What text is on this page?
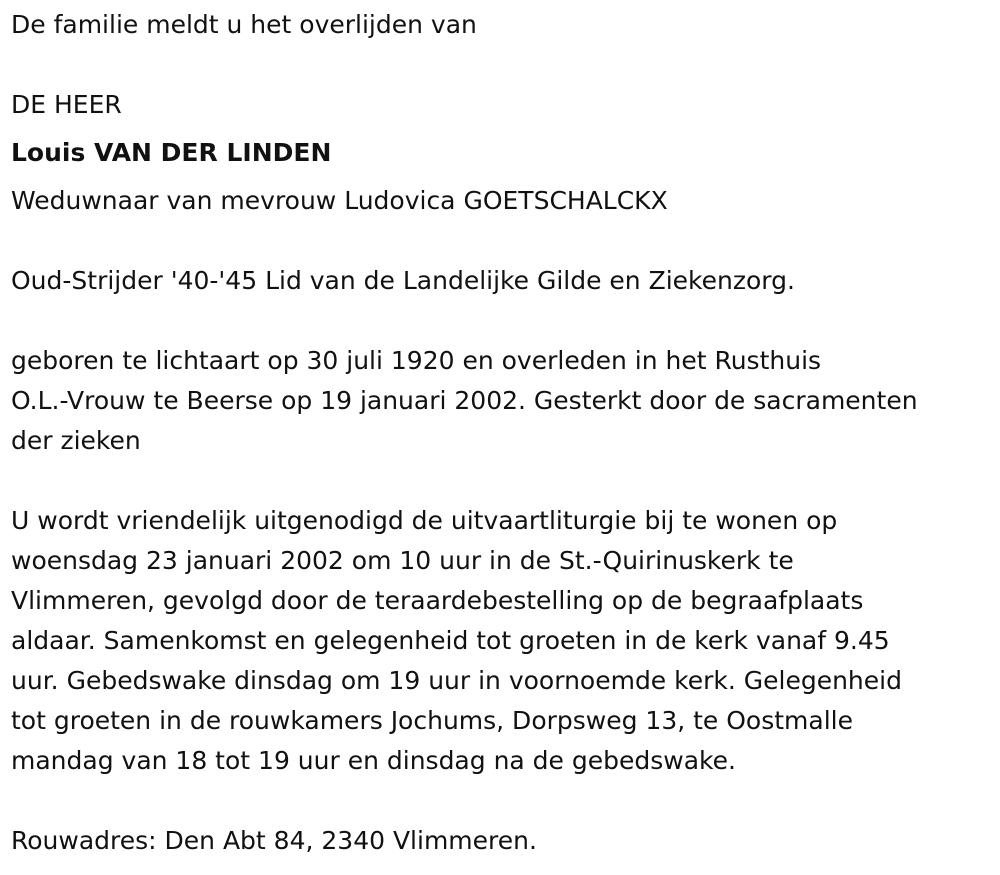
De familie meldt u het overlijden van
DE HEER
Louis VAN DER LINDEN
Weduwnaar van mevrouw Ludovica GOETSCHALCKX
Oud-Strijder '40-'45 Lid van de Landelijke Gilde en Ziekenzorg.
geboren te lichtaart op 30 juli 1920 en overleden in het Rusthuis
O.L.-Vrouw te Beerse op 19 januari 2002. Gesterkt door de sacramenten
der zieken
U wordt vriendelijk uitgenodigd de uitvaartliturgie bij te wonen op
woensdag 23 januari 2002 om 10 uur in de St.-Quirinuskerk te
Vlimmeren, gevolgd door de teraardebestelling op de begraafplaats
aldaar. Samenkomst en gelegenheid tot groeten in de kerk vanaf 9.45
uur. Gebedswake dinsdag om 19 uur in voornoemde kerk. Gelegenheid
tot groeten in de rouwkamers Jochums, Dorpsweg 13, te Oostmalle
mandag van 18 tot 19 uur en dinsdag na de gebedswake.
Rouwadres: Den Abt 84, 2340 Vlimmeren.
